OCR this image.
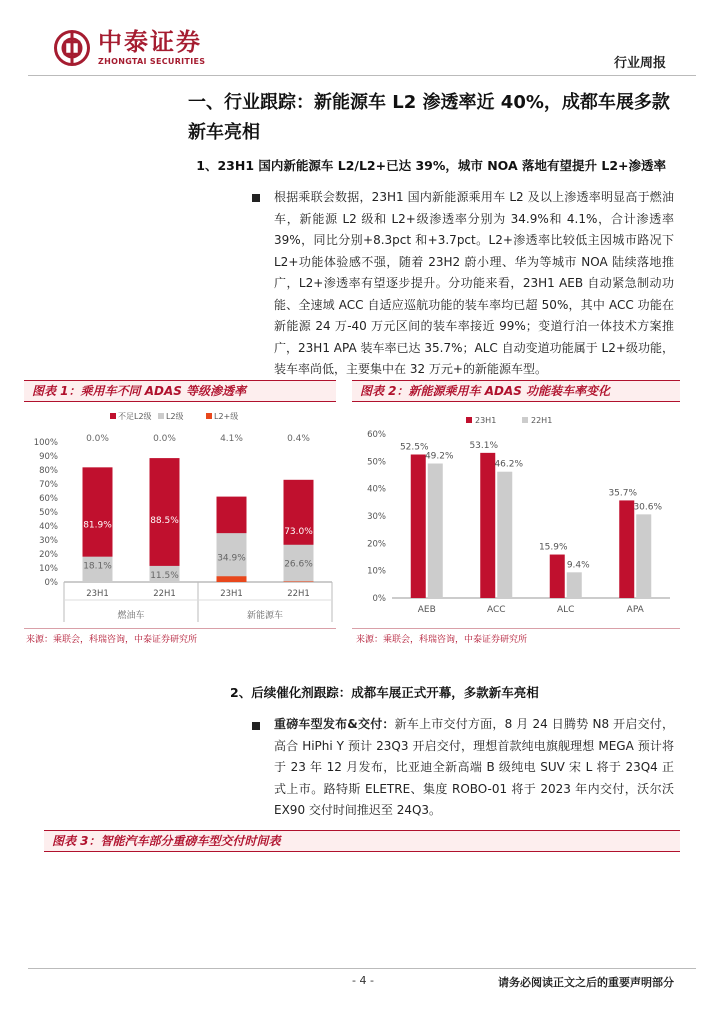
中泰证券
ZHONGTAI SECURITIES	行业周报
一、行业跟踪：新能源车 L2 渗透率近 40%，成都车展多款新车亮相
1、23H1 国内新能源车 L2/L2+已达 39%，城市 NOA 落地有望提升 L2+渗透率
根据乘联会数据，23H1 国内新能源乘用车 L2 及以上渗透率明显高于燃油车，新能源 L2 级和 L2+级渗透率分别为 34.9%和 4.1%，合计渗透率 39%，同比分别+8.3pct 和+3.7pct。L2+渗透率比较低主因城市路况下 L2+功能体验感不强，随着 23H2 蔚小理、华为等城市 NOA 陆续落地推广，L2+渗透率有望逐步提升。分功能来看，23H1 AEB 自动紧急制动功能、全速域 ACC 自适应巡航功能的装车率均已超 50%，其中 ACC 功能在新能源 24 万-40 万元区间的装车率接近 99%；变道行泊一体技术方案推广，23H1 APA 装车率已达 35.7%；ALC 自动变道功能属于 L2+级功能，装车率尚低，主要集中在 32 万元+的新能源车型。
图表 1：乘用车不同 ADAS 等级渗透率
不足L2级 L2级	L2+级
0%
10%
20%
30%
40%
50%
60%
70%
80%
90%
100%
81.9%
18.1%
0.0%
23H1
88.5%
11.5%
0.0%
22H1
34.9%
4.1%
23H1
73.0%
26.6%
0.4%
22H1
燃油车	新能源车
来源：乘联会，科瑞咨询，中泰证券研究所
图表 2：新能源乘用车 ADAS 功能装车率变化
23H1	22H1
0%
10%
20%
30%
40%
50%
60%
52.5%
49.2%
AEB
53.1%
46.2%
ACC
15.9%
9.4%
ALC
35.7%
30.6%
APA
来源：乘联会，科瑞咨询，中泰证券研究所
2、后续催化剂跟踪：成都车展正式开幕，多款新车亮相
重磅车型发布&交付：新车上市交付方面，8 月 24 日腾势 N8 开启交付，高合 HiPhi Y 预计 23Q3 开启交付，理想首款纯电旗舰理想 MEGA 预计将于 23 年 12 月发布，比亚迪全新高端 B 级纯电 SUV 宋 L 将于 23Q4 正式上市。路特斯 ELETRE、集度 ROBO-01 将于 2023 年内交付，沃尔沃 EX90 交付时间推迟至 24Q3。
图表 3：智能汽车部分重磅车型交付时间表
- 4 -	请务必阅读正文之后的重要声明部分
